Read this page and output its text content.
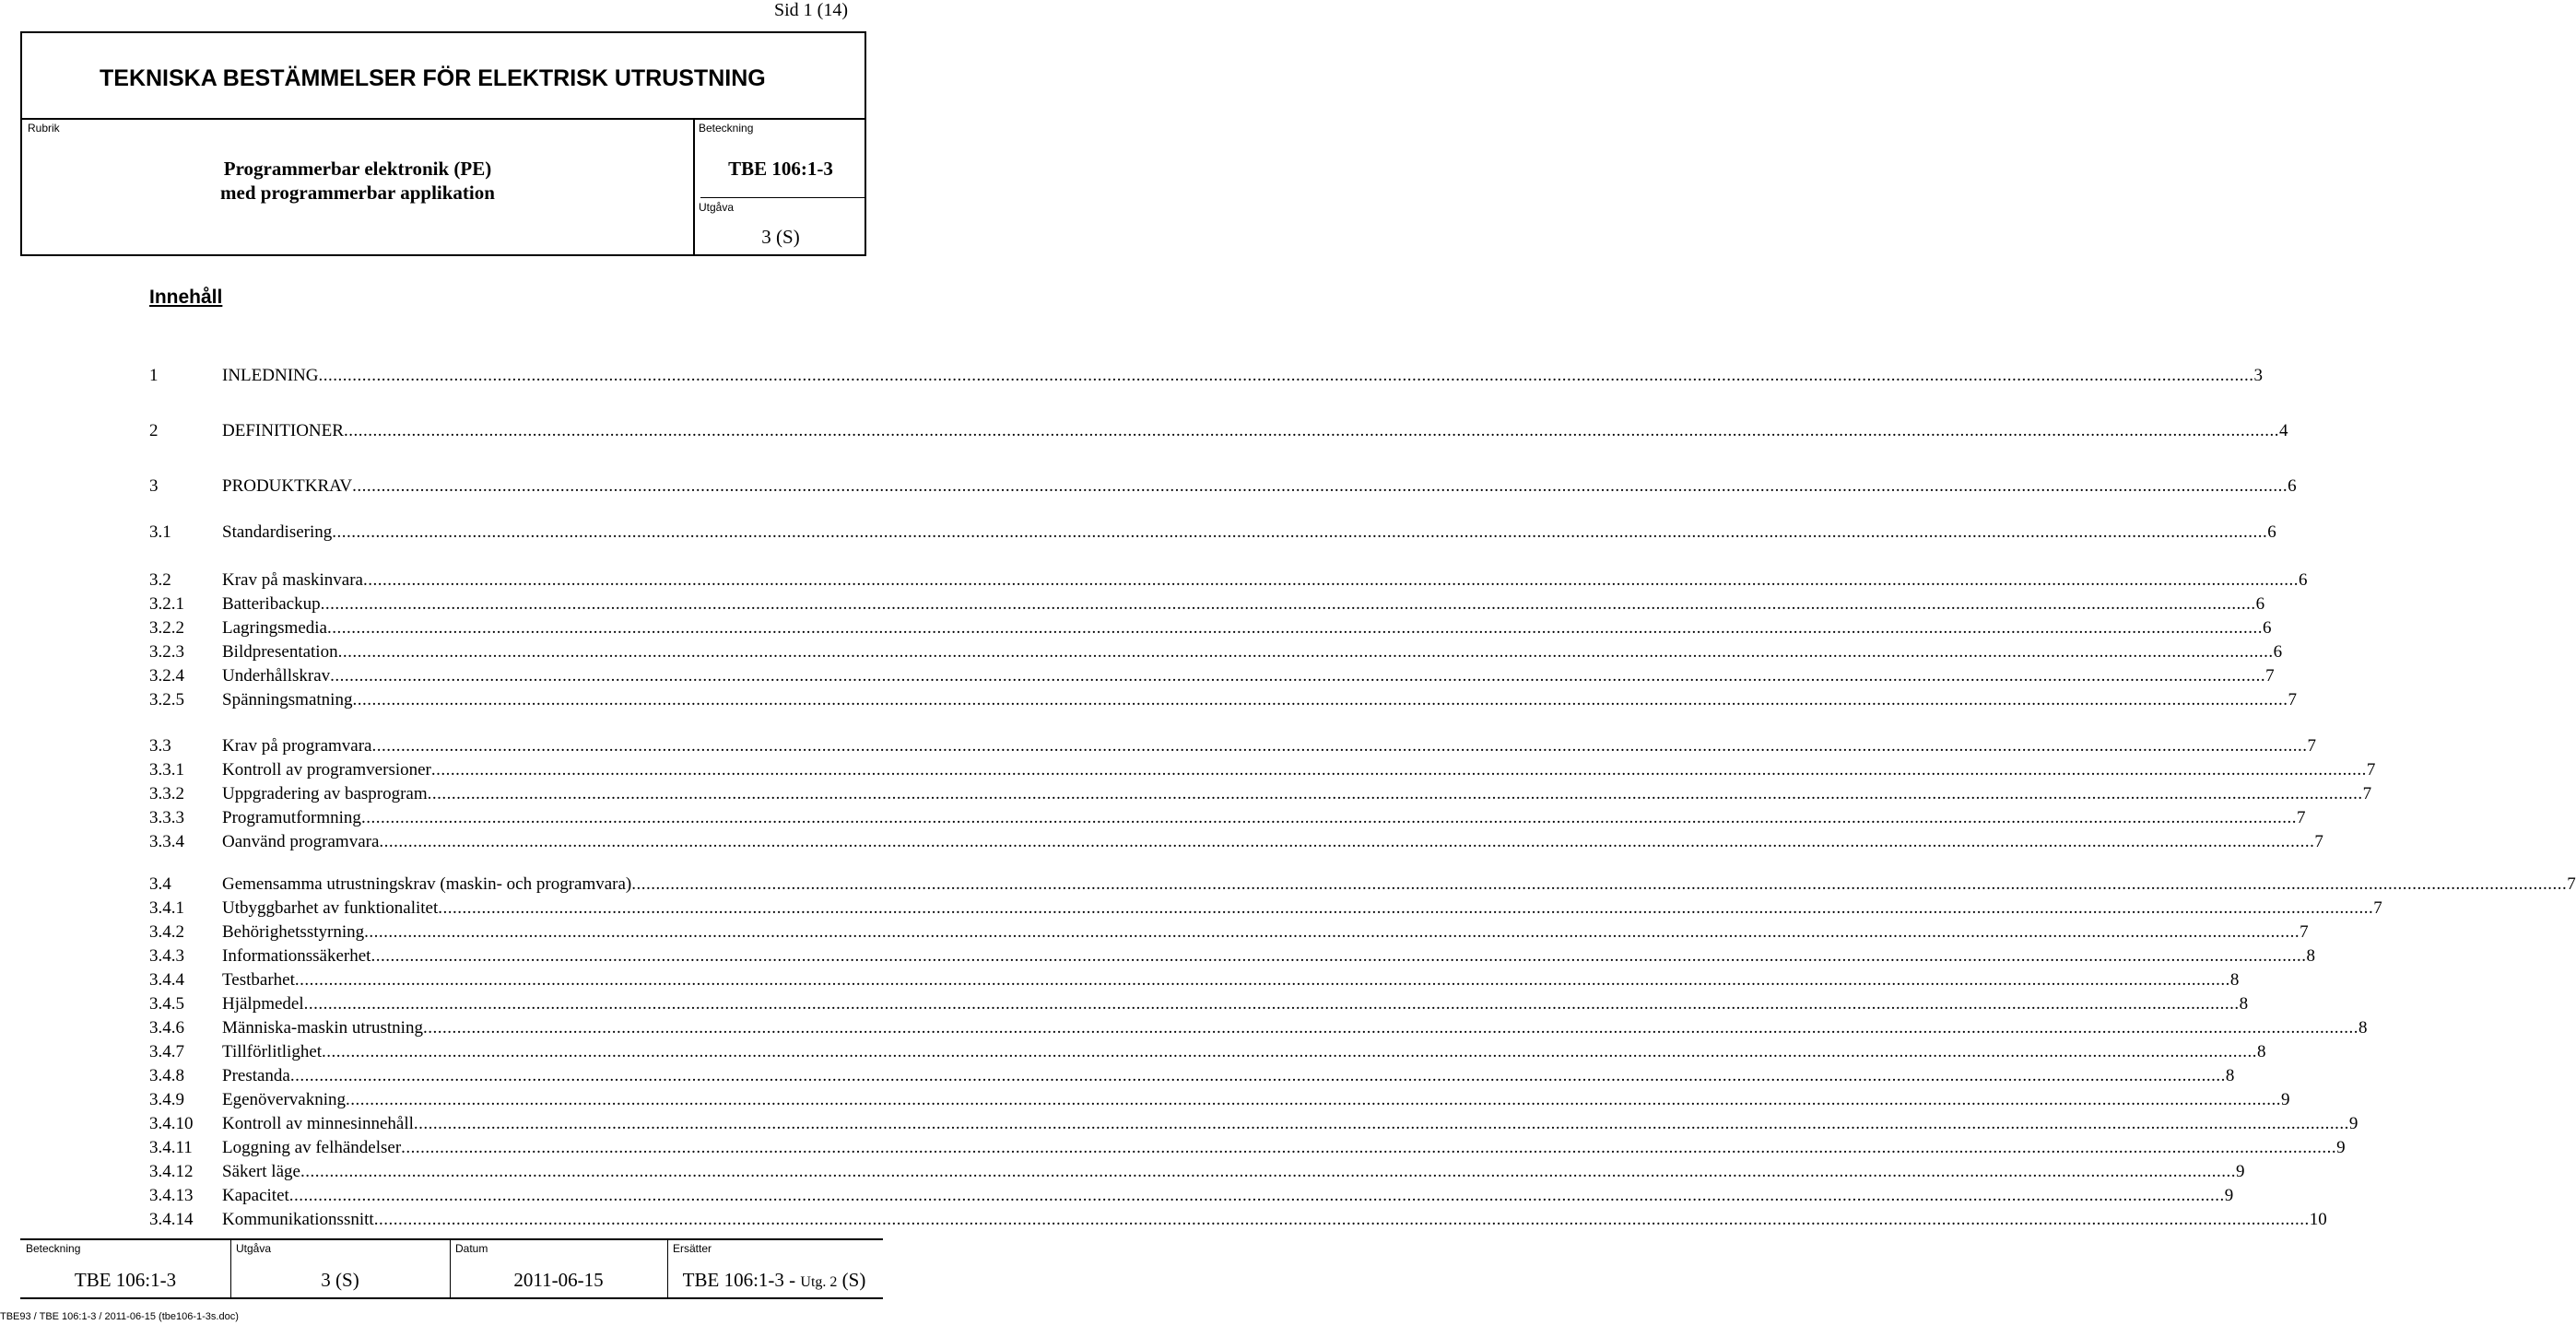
Sid 1 (14)
TEKNISKA BESTÄMMELSER FÖR ELEKTRISK UTRUSTNING
Rubrik	Beteckning
Programmerbar elektronik (PE)
med programmerbar applikation
TBE 106:1-3
Utgåva
3 (S)
Innehåll
1	INLEDNING ................................................................................................................................................................................................................................................................................................................................................................................................................ 3
2	DEFINITIONER ................................................................................................................................................................................................................................................................................................................................................................................................................ 4
3	PRODUKTKRAV ................................................................................................................................................................................................................................................................................................................................................................................................................ 6
3.1	Standardisering ................................................................................................................................................................................................................................................................................................................................................................................................................ 6
3.2	Krav på maskinvara ................................................................................................................................................................................................................................................................................................................................................................................................................ 6
3.2.1	Batteribackup ................................................................................................................................................................................................................................................................................................................................................................................................................ 6
3.2.2	Lagringsmedia ................................................................................................................................................................................................................................................................................................................................................................................................................ 6
3.2.3	Bildpresentation ................................................................................................................................................................................................................................................................................................................................................................................................................ 6
3.2.4	Underhållskrav ................................................................................................................................................................................................................................................................................................................................................................................................................ 7
3.2.5	Spänningsmatning ................................................................................................................................................................................................................................................................................................................................................................................................................ 7
3.3	Krav på programvara ................................................................................................................................................................................................................................................................................................................................................................................................................ 7
3.3.1	Kontroll av programversioner ................................................................................................................................................................................................................................................................................................................................................................................................................ 7
3.3.2	Uppgradering av basprogram ................................................................................................................................................................................................................................................................................................................................................................................................................ 7
3.3.3	Programutformning ................................................................................................................................................................................................................................................................................................................................................................................................................ 7
3.3.4	Oanvänd programvara ................................................................................................................................................................................................................................................................................................................................................................................................................ 7
3.4	Gemensamma utrustningskrav (maskin- och programvara) ................................................................................................................................................................................................................................................................................................................................................................................................................ 7
3.4.1	Utbyggbarhet av funktionalitet ................................................................................................................................................................................................................................................................................................................................................................................................................ 7
3.4.2	Behörighetsstyrning ................................................................................................................................................................................................................................................................................................................................................................................................................ 7
3.4.3	Informationssäkerhet ................................................................................................................................................................................................................................................................................................................................................................................................................ 8
3.4.4	Testbarhet ................................................................................................................................................................................................................................................................................................................................................................................................................ 8
3.4.5	Hjälpmedel ................................................................................................................................................................................................................................................................................................................................................................................................................ 8
3.4.6	Människa-maskin utrustning ................................................................................................................................................................................................................................................................................................................................................................................................................ 8
3.4.7	Tillförlitlighet ................................................................................................................................................................................................................................................................................................................................................................................................................ 8
3.4.8	Prestanda ................................................................................................................................................................................................................................................................................................................................................................................................................ 8
3.4.9	Egenövervakning ................................................................................................................................................................................................................................................................................................................................................................................................................ 9
3.4.10	Kontroll av minnesinnehåll ................................................................................................................................................................................................................................................................................................................................................................................................................ 9
3.4.11	Loggning av felhändelser ................................................................................................................................................................................................................................................................................................................................................................................................................ 9
3.4.12	Säkert läge ................................................................................................................................................................................................................................................................................................................................................................................................................ 9
3.4.13	Kapacitet ................................................................................................................................................................................................................................................................................................................................................................................................................ 9
3.4.14	Kommunikationssnitt ................................................................................................................................................................................................................................................................................................................................................................................................................ 10
Beteckning
TBE 106:1-3
Utgåva
3 (S)
Datum
2011-06-15
Ersätter
TBE 106:1-3 - Utg. 2 (S)
TBE93 / TBE 106:1-3 / 2011-06-15 (tbe106-1-3s.doc)
